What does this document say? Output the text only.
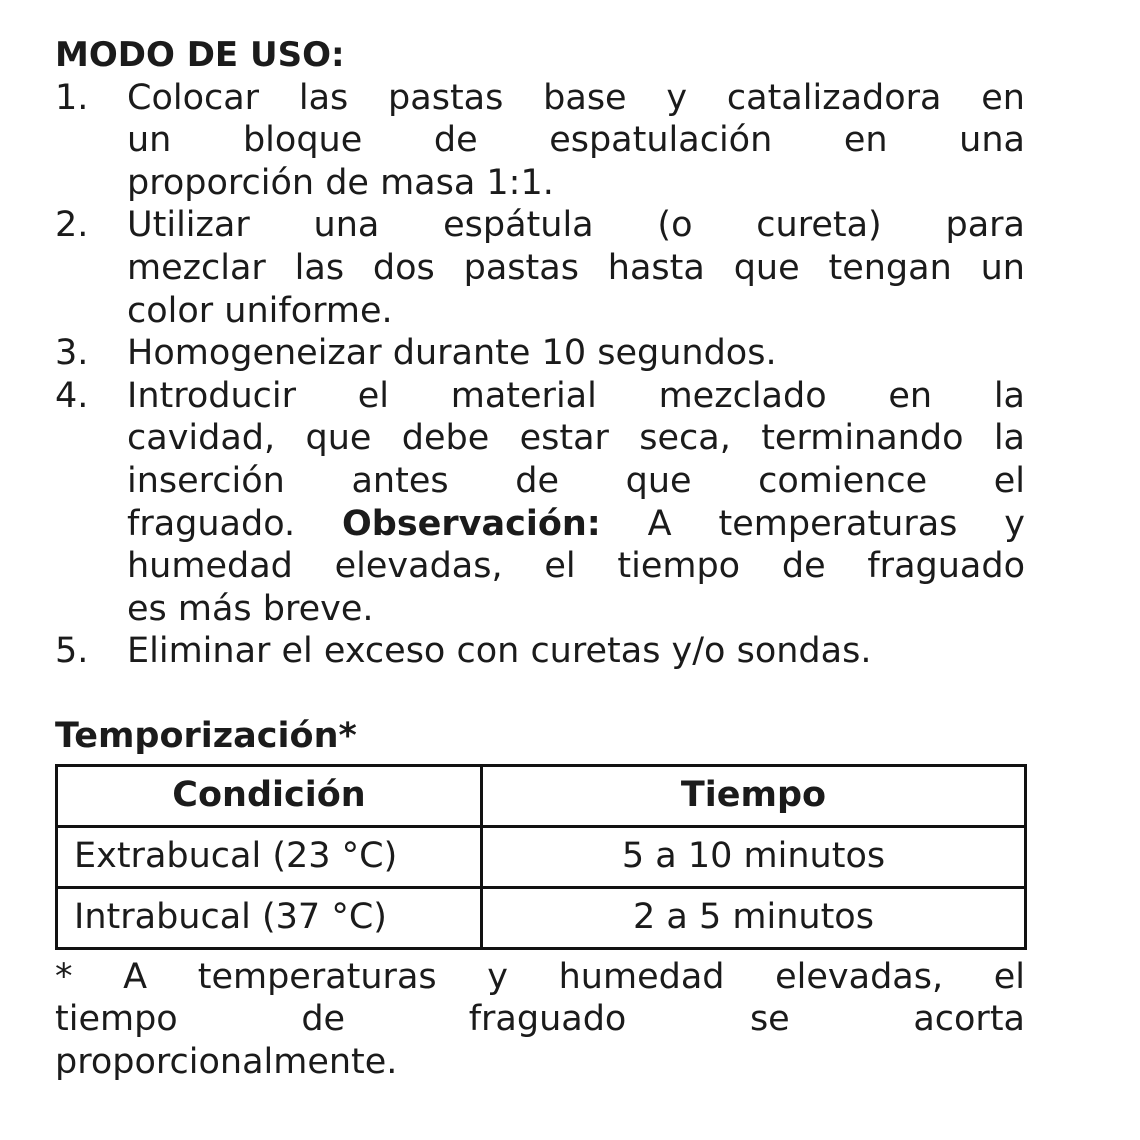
MODO DE USO:
1. Colocar las pastas base y catalizadora en
un bloque de espatulación en una
proporción de masa 1:1.
2. Utilizar una espátula (o cureta) para
mezclar las dos pastas hasta que tengan un
color uniforme.
3. Homogeneizar durante 10 segundos.
4. Introducir el material mezclado en la
cavidad, que debe estar seca, terminando la
inserción antes de que comience el
fraguado. Observación: A temperaturas y
humedad elevadas, el tiempo de fraguado
es más breve.
5. Eliminar el exceso con curetas y/o sondas.
Temporización*
Condición	Tiempo
Extrabucal (23 °C)	5 a 10 minutos
Intrabucal (37 °C)	2 a 5 minutos
* A temperaturas y humedad elevadas, el
tiempo de fraguado se acorta
proporcionalmente.
